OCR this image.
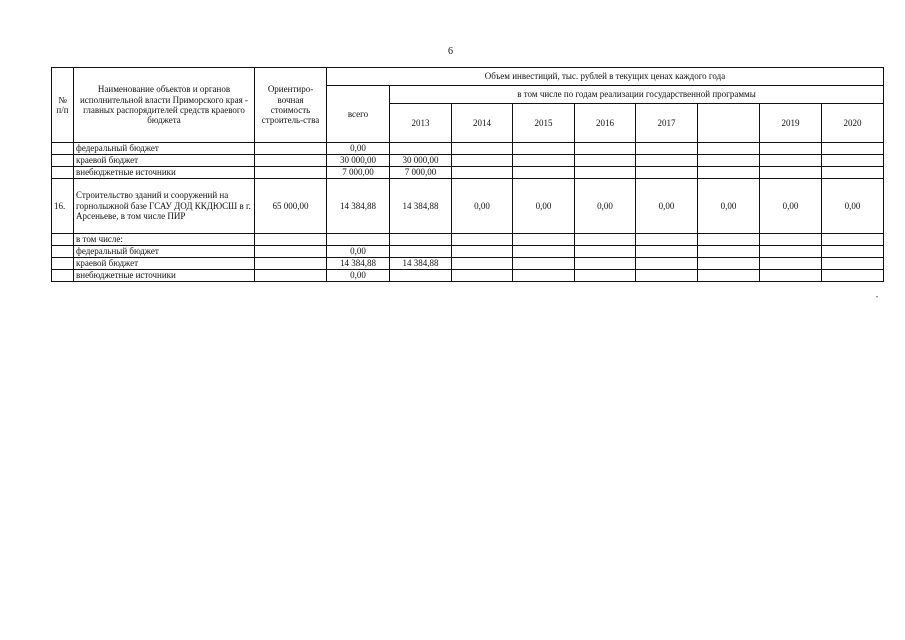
6
№ п/п	Наименование объектов и органов исполнительной власти Приморского края - главных распорядителей средств краевого бюджета	Ориентиро-вочная стоимость строитель-ства	Объем инвестиций, тыс. рублей в текущих ценах каждого года								
			всего	в том числе по годам реализации государственной программы							
				2013	2014	2015	2016	2017		2019	2020
	федеральный бюджет		0,00								
	краевой бюджет		30 000,00	30 000,00							
	внебюджетные источники		7 000,00	7 000,00							
16.	Строительство зданий и сооружений на горнолыжной базе ГСАУ ДОД ККДЮСШ в г. Арсеньеве, в том числе ПИР	65 000,00	14 384,88	14 384,88	0,00	0,00	0,00	0,00	0,00	0,00	0,00
	в том числе:										
	федеральный бюджет		0,00								
	краевой бюджет		14 384,88	14 384,88							
	внебюджетные источники		0,00								
"
